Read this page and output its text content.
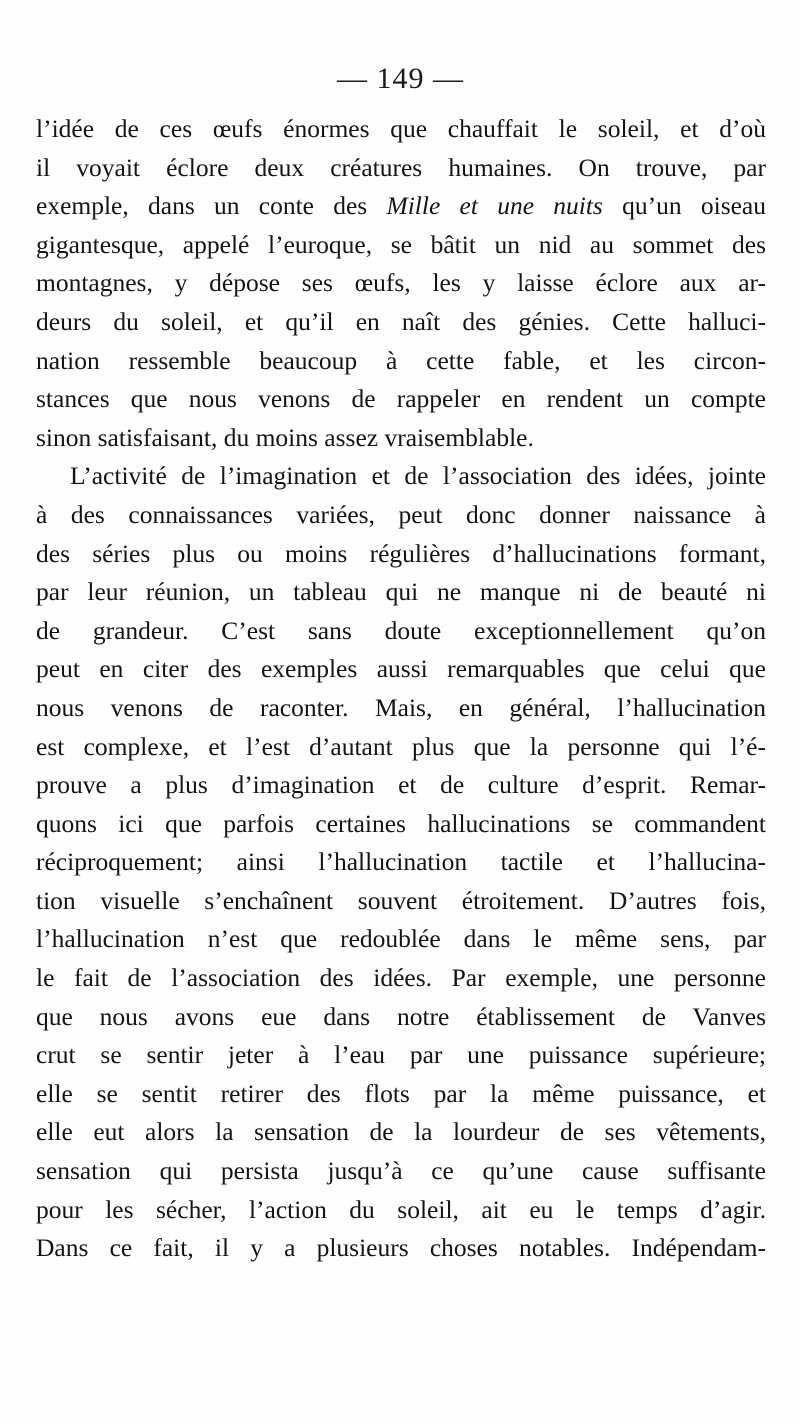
— 149 —
l’idée de ces œufs énormes que chauffait le soleil, et d’où
il voyait éclore deux créatures humaines. On trouve, par
exemple, dans un conte des Mille et une nuits qu’un oiseau
gigantesque, appelé l’euroque, se bâtit un nid au sommet des
montagnes, y dépose ses œufs, les y laisse éclore aux ar-
deurs du soleil, et qu’il en naît des génies. Cette halluci-
nation ressemble beaucoup à cette fable, et les circon-
stances que nous venons de rappeler en rendent un compte
sinon satisfaisant, du moins assez vraisemblable.
L’activité de l’imagination et de l’association des idées, jointe
à des connaissances variées, peut donc donner naissance à
des séries plus ou moins régulières d’hallucinations formant,
par leur réunion, un tableau qui ne manque ni de beauté ni
de grandeur. C’est sans doute exceptionnellement qu’on
peut en citer des exemples aussi remarquables que celui que
nous venons de raconter. Mais, en général, l’hallucination
est complexe, et l’est d’autant plus que la personne qui l’é-
prouve a plus d’imagination et de culture d’esprit. Remar-
quons ici que parfois certaines hallucinations se commandent
réciproquement; ainsi l’hallucination tactile et l’hallucina-
tion visuelle s’enchaînent souvent étroitement. D’autres fois,
l’hallucination n’est que redoublée dans le même sens, par
le fait de l’association des idées. Par exemple, une personne
que nous avons eue dans notre établissement de Vanves
crut se sentir jeter à l’eau par une puissance supérieure;
elle se sentit retirer des flots par la même puissance, et
elle eut alors la sensation de la lourdeur de ses vêtements,
sensation qui persista jusqu’à ce qu’une cause suffisante
pour les sécher, l’action du soleil, ait eu le temps d’agir.
Dans ce fait, il y a plusieurs choses notables. Indépendam-
